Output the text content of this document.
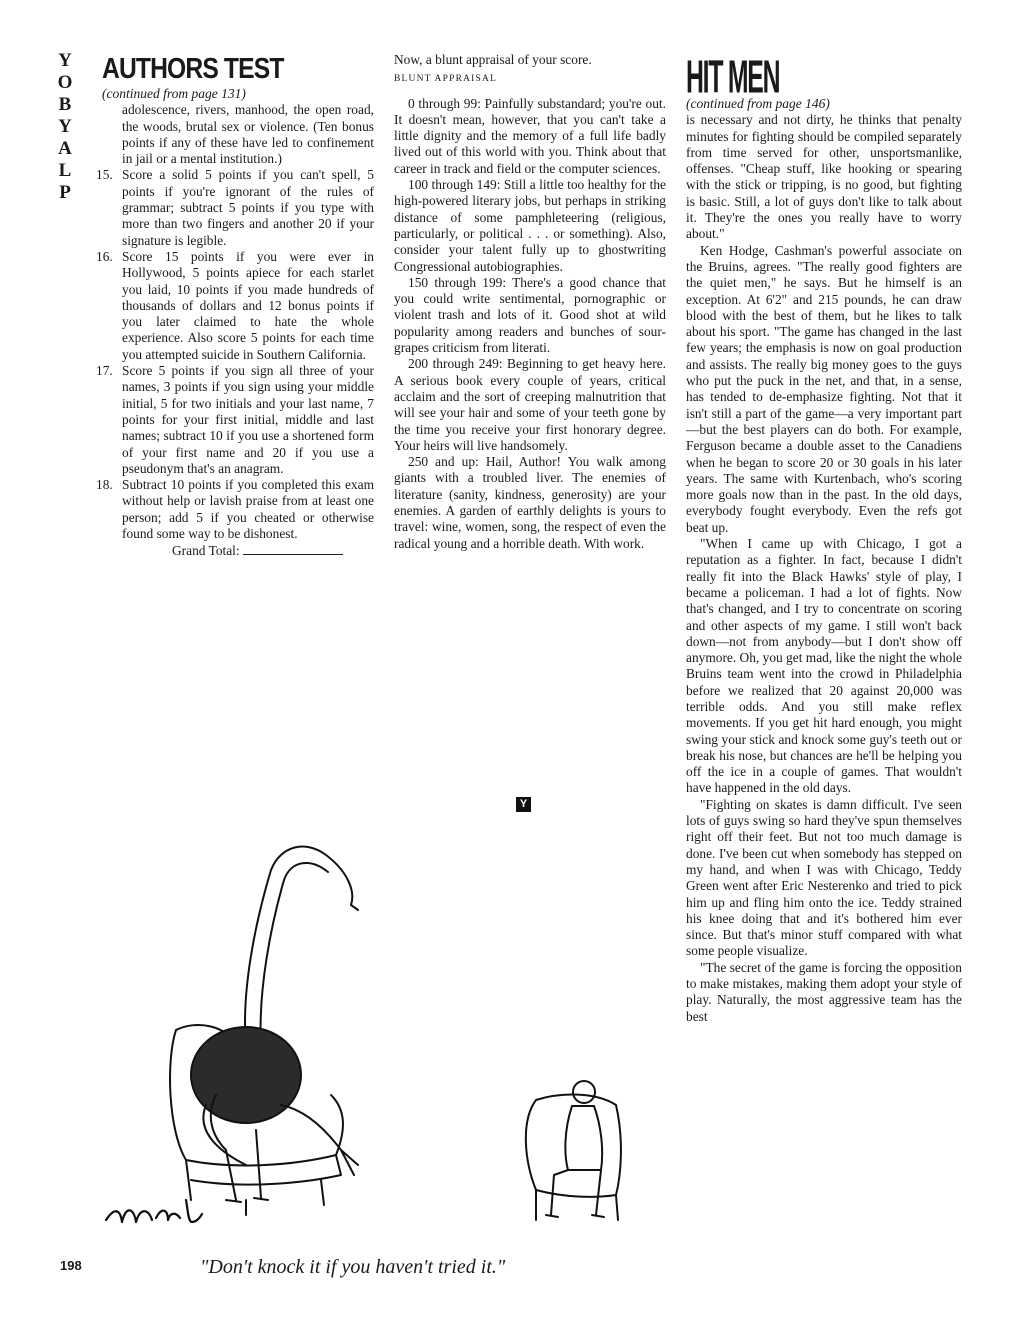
Y
O
B
Y
A
L
P
AUTHORS TEST

(continued from page 131)

adolescence, rivers, manhood, the open road, the woods, brutal sex or violence. (Ten bonus points if any of these have led to confinement in jail or a mental institution.)

15. Score a solid 5 points if you can't spell, 5 points if you're ignorant of the rules of grammar; subtract 5 points if you type with more than two fingers and another 20 if your signature is legible.
16. Score 15 points if you were ever in Hollywood, 5 points apiece for each starlet you laid, 10 points if you made hundreds of thousands of dollars and 12 bonus points if you later claimed to hate the whole experience. Also score 5 points for each time you attempted suicide in Southern California.
17. Score 5 points if you sign all three of your names, 3 points if you sign using your middle initial, 5 for two initials and your last name, 7 points for your first initial, middle and last names; subtract 10 if you use a shortened form of your first name and 20 if you use a pseudonym that's an anagram.
18. Subtract 10 points if you completed this exam without help or lavish praise from at least one person; add 5 if you cheated or otherwise found some way to be dishonest.

Grand Total:

Now, a blunt appraisal of your score.

BLUNT APPRAISAL

0 through 99: Painfully substandard; you're out. It doesn't mean, however, that you can't take a little dignity and the memory of a full life badly lived out of this world with you. Think about that career in track and field or the computer sciences.

100 through 149: Still a little too healthy for the high-powered literary jobs, but perhaps in striking distance of some pamphleteering (religious, particularly, or political . . . or something). Also, consider your talent fully up to ghostwriting Congressional autobiographies.

150 through 199: There's a good chance that you could write sentimental, pornographic or violent trash and lots of it. Good shot at wild popularity among readers and bunches of sour-grapes criticism from literati.

200 through 249: Beginning to get heavy here. A serious book every couple of years, critical acclaim and the sort of creeping malnutrition that will see your hair and some of your teeth gone by the time you receive your first honorary degree. Your heirs will live handsomely.

250 and up: Hail, Author! You walk among giants with a troubled liver. The enemies of literature (sanity, kindness, generosity) are your enemies. A garden of earthly delights is yours to travel: wine, women, song, the respect of even the radical young and a horrible death. With work.

Y
HIT MEN

(continued from page 146)

is necessary and not dirty, he thinks that penalty minutes for fighting should be compiled separately from time served for other, unsportsmanlike, offenses. "Cheap stuff, like hooking or spearing with the stick or tripping, is no good, but fighting is basic. Still, a lot of guys don't like to talk about it. They're the ones you really have to worry about."

Ken Hodge, Cashman's powerful associate on the Bruins, agrees. "The really good fighters are the quiet men," he says. But he himself is an exception. At 6'2" and 215 pounds, he can draw blood with the best of them, but he likes to talk about his sport. "The game has changed in the last few years; the emphasis is now on goal production and assists. The really big money goes to the guys who put the puck in the net, and that, in a sense, has tended to de-emphasize fighting. Not that it isn't still a part of the game—a very important part—but the best players can do both. For example, Ferguson became a double asset to the Canadiens when he began to score 20 or 30 goals in his later years. The same with Kurtenbach, who's scoring more goals now than in the past. In the old days, everybody fought everybody. Even the refs got beat up.

"When I came up with Chicago, I got a reputation as a fighter. In fact, because I didn't really fit into the Black Hawks' style of play, I became a policeman. I had a lot of fights. Now that's changed, and I try to concentrate on scoring and other aspects of my game. I still won't back down—not from anybody—but I don't show off anymore. Oh, you get mad, like the night the whole Bruins team went into the crowd in Philadelphia before we realized that 20 against 20,000 was terrible odds. And you still make reflex movements. If you get hit hard enough, you might swing your stick and knock some guy's teeth out or break his nose, but chances are he'll be helping you off the ice in a couple of games. That wouldn't have happened in the old days.

"Fighting on skates is damn difficult. I've seen lots of guys swing so hard they've spun themselves right off their feet. But not too much damage is done. I've been cut when somebody has stepped on my hand, and when I was with Chicago, Teddy Green went after Eric Nesterenko and tried to pick him up and fling him onto the ice. Teddy strained his knee doing that and it's bothered him ever since. But that's minor stuff compared with what some people visualize.

"The secret of the game is forcing the opposition to make mistakes, making them adopt your style of play. Naturally, the most aggressive team has the best

Mal
"Don't knock it if you haven't tried it."
198
